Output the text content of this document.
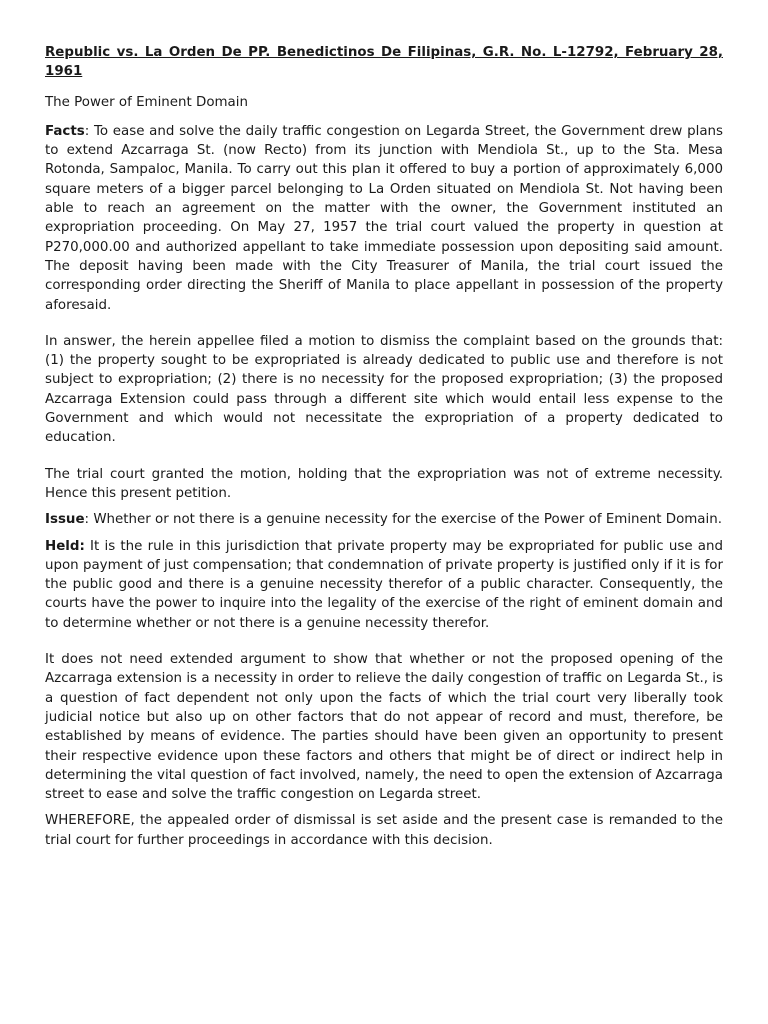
Republic vs. La Orden De PP. Benedictinos De Filipinas, G.R. No. L-12792, February 28, 1961

The Power of Eminent Domain

Facts: To ease and solve the daily traffic congestion on Legarda Street, the Government drew plans to extend Azcarraga St. (now Recto) from its junction with Mendiola St., up to the Sta. Mesa Rotonda, Sampaloc, Manila. To carry out this plan it offered to buy a portion of approximately 6,000 square meters of a bigger parcel belonging to La Orden situated on Mendiola St. Not having been able to reach an agreement on the matter with the owner, the Government instituted an expropriation proceeding. On May 27, 1957 the trial court valued the property in question at P270,000.00 and authorized appellant to take immediate possession upon depositing said amount. The deposit having been made with the City Treasurer of Manila, the trial court issued the corresponding order directing the Sheriff of Manila to place appellant in possession of the property aforesaid.

In answer, the herein appellee filed a motion to dismiss the complaint based on the grounds that: (1) the property sought to be expropriated is already dedicated to public use and therefore is not subject to expropriation; (2) there is no necessity for the proposed expropriation; (3) the proposed Azcarraga Extension could pass through a different site which would entail less expense to the Government and which would not necessitate the expropriation of a property dedicated to education.

The trial court granted the motion, holding that the expropriation was not of extreme necessity. Hence this present petition.

Issue: Whether or not there is a genuine necessity for the exercise of the Power of Eminent Domain.

Held: It is the rule in this jurisdiction that private property may be expropriated for public use and upon payment of just compensation; that condemnation of private property is justified only if it is for the public good and there is a genuine necessity therefor of a public character. Consequently, the courts have the power to inquire into the legality of the exercise of the right of eminent domain and to determine whether or not there is a genuine necessity therefor.

It does not need extended argument to show that whether or not the proposed opening of the Azcarraga extension is a necessity in order to relieve the daily congestion of traffic on Legarda St., is a question of fact dependent not only upon the facts of which the trial court very liberally took judicial notice but also up on other factors that do not appear of record and must, therefore, be established by means of evidence. The parties should have been given an opportunity to present their respective evidence upon these factors and others that might be of direct or indirect help in determining the vital question of fact involved, namely, the need to open the extension of Azcarraga street to ease and solve the traffic congestion on Legarda street.

WHEREFORE, the appealed order of dismissal is set aside and the present case is remanded to the trial court for further proceedings in accordance with this decision.
